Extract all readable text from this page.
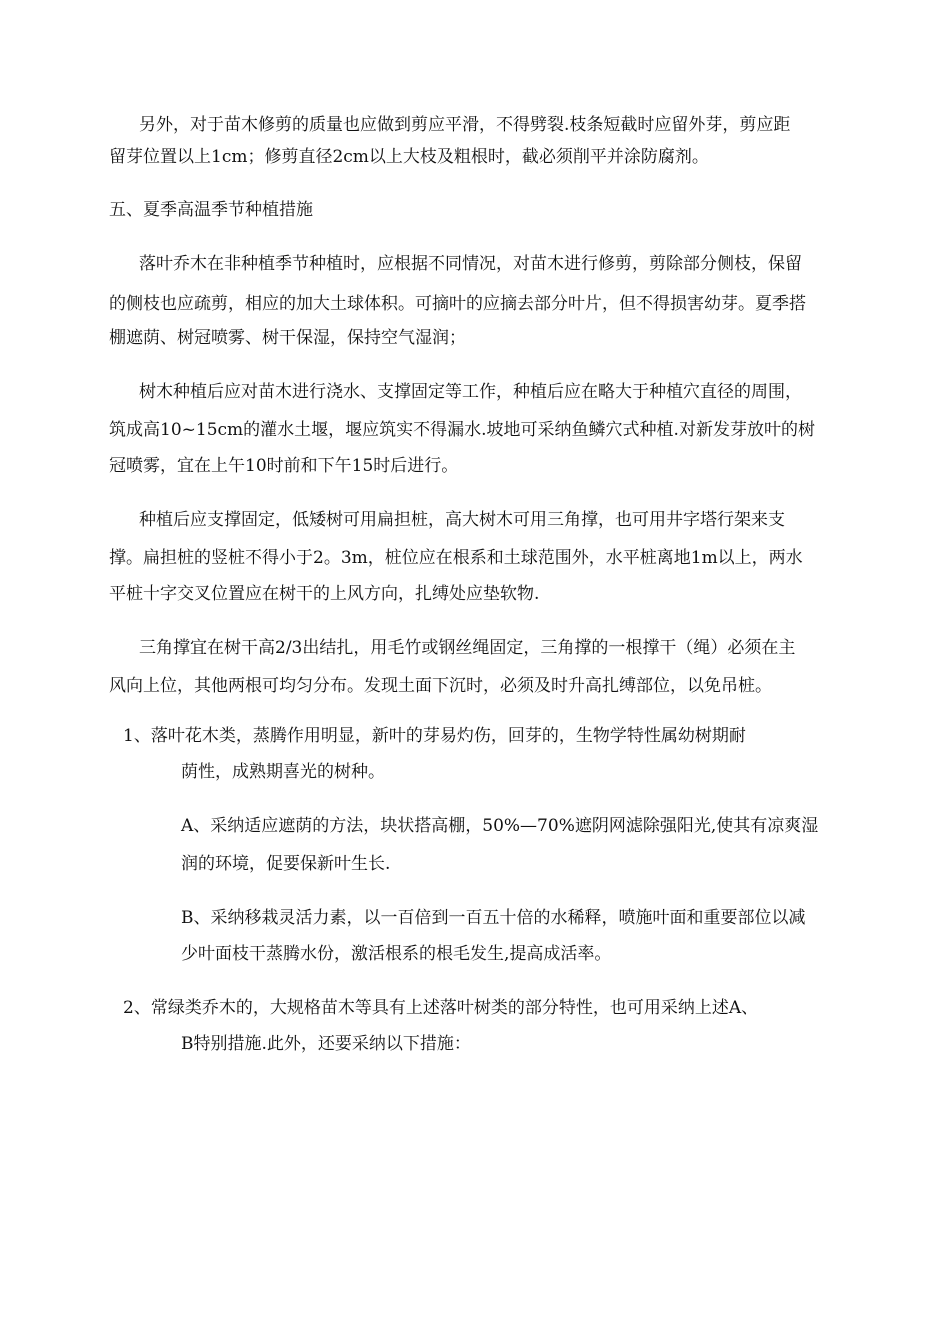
另外，对于苗木修剪的质量也应做到剪应平滑，不得劈裂.枝条短截时应留外芽，剪应距
留芽位置以上1cm；修剪直径2cm以上大枝及粗根时，截必须削平并涂防腐剂。
五、夏季高温季节种植措施
落叶乔木在非种植季节种植时，应根据不同情况，对苗木进行修剪，剪除部分侧枝，保留
的侧枝也应疏剪，相应的加大土球体积。可摘叶的应摘去部分叶片，但不得损害幼芽。夏季搭
棚遮荫、树冠喷雾、树干保湿，保持空气湿润；
树木种植后应对苗木进行浇水、支撑固定等工作，种植后应在略大于种植穴直径的周围，
筑成高10~15cm的灌水土堰，堰应筑实不得漏水.坡地可采纳鱼鳞穴式种植.对新发芽放叶的树
冠喷雾，宜在上午10时前和下午15时后进行。
种植后应支撑固定，低矮树可用扁担桩，高大树木可用三角撑，也可用井字塔行架来支
撑。扁担桩的竖桩不得小于2。3m，桩位应在根系和土球范围外，水平桩离地1m以上，两水
平桩十字交叉位置应在树干的上风方向，扎缚处应垫软物.
三角撑宜在树干高2/3出结扎，用毛竹或钢丝绳固定，三角撑的一根撑干（绳）必须在主
风向上位，其他两根可均匀分布。发现土面下沉时，必须及时升高扎缚部位，以免吊桩。
1、落叶花木类，蒸腾作用明显，新叶的芽易灼伤，回芽的，生物学特性属幼树期耐
荫性，成熟期喜光的树种。
A、采纳适应遮荫的方法，块状搭高棚，50%—70%遮阴网滤除强阳光,使其有凉爽湿
润的环境，促要保新叶生长.
B、采纳移栽灵活力素，以一百倍到一百五十倍的水稀释，喷施叶面和重要部位以减
少叶面枝干蒸腾水份，激活根系的根毛发生,提高成活率。
2、常绿类乔木的，大规格苗木等具有上述落叶树类的部分特性，也可用采纳上述A、
B特别措施.此外，还要采纳以下措施：
